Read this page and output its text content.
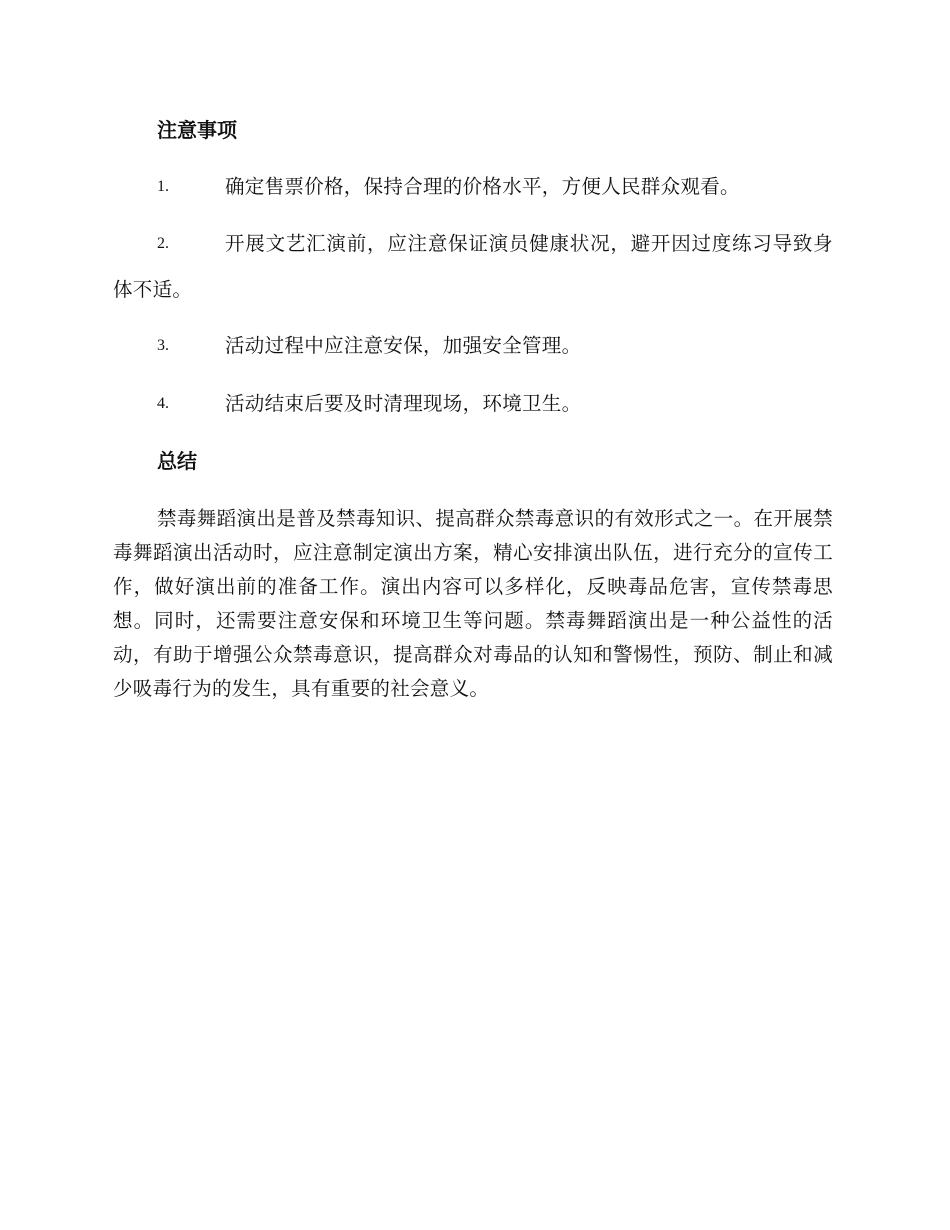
注意事项
1.	确定售票价格，保持合理的价格水平，方便人民群众观看。
2.	开展文艺汇演前，应注意保证演员健康状况，避开因过度练习导致身体不适。
3.	活动过程中应注意安保，加强安全管理。
4.	活动结束后要及时清理现场，环境卫生。
总结
禁毒舞蹈演出是普及禁毒知识、提高群众禁毒意识的有效形式之一。在开展禁毒舞蹈演出活动时，应注意制定演出方案，精心安排演出队伍，进行充分的宣传工作，做好演出前的准备工作。演出内容可以多样化，反映毒品危害，宣传禁毒思想。同时，还需要注意安保和环境卫生等问题。禁毒舞蹈演出是一种公益性的活动，有助于增强公众禁毒意识，提高群众对毒品的认知和警惕性，预防、制止和减少吸毒行为的发生，具有重要的社会意义。
